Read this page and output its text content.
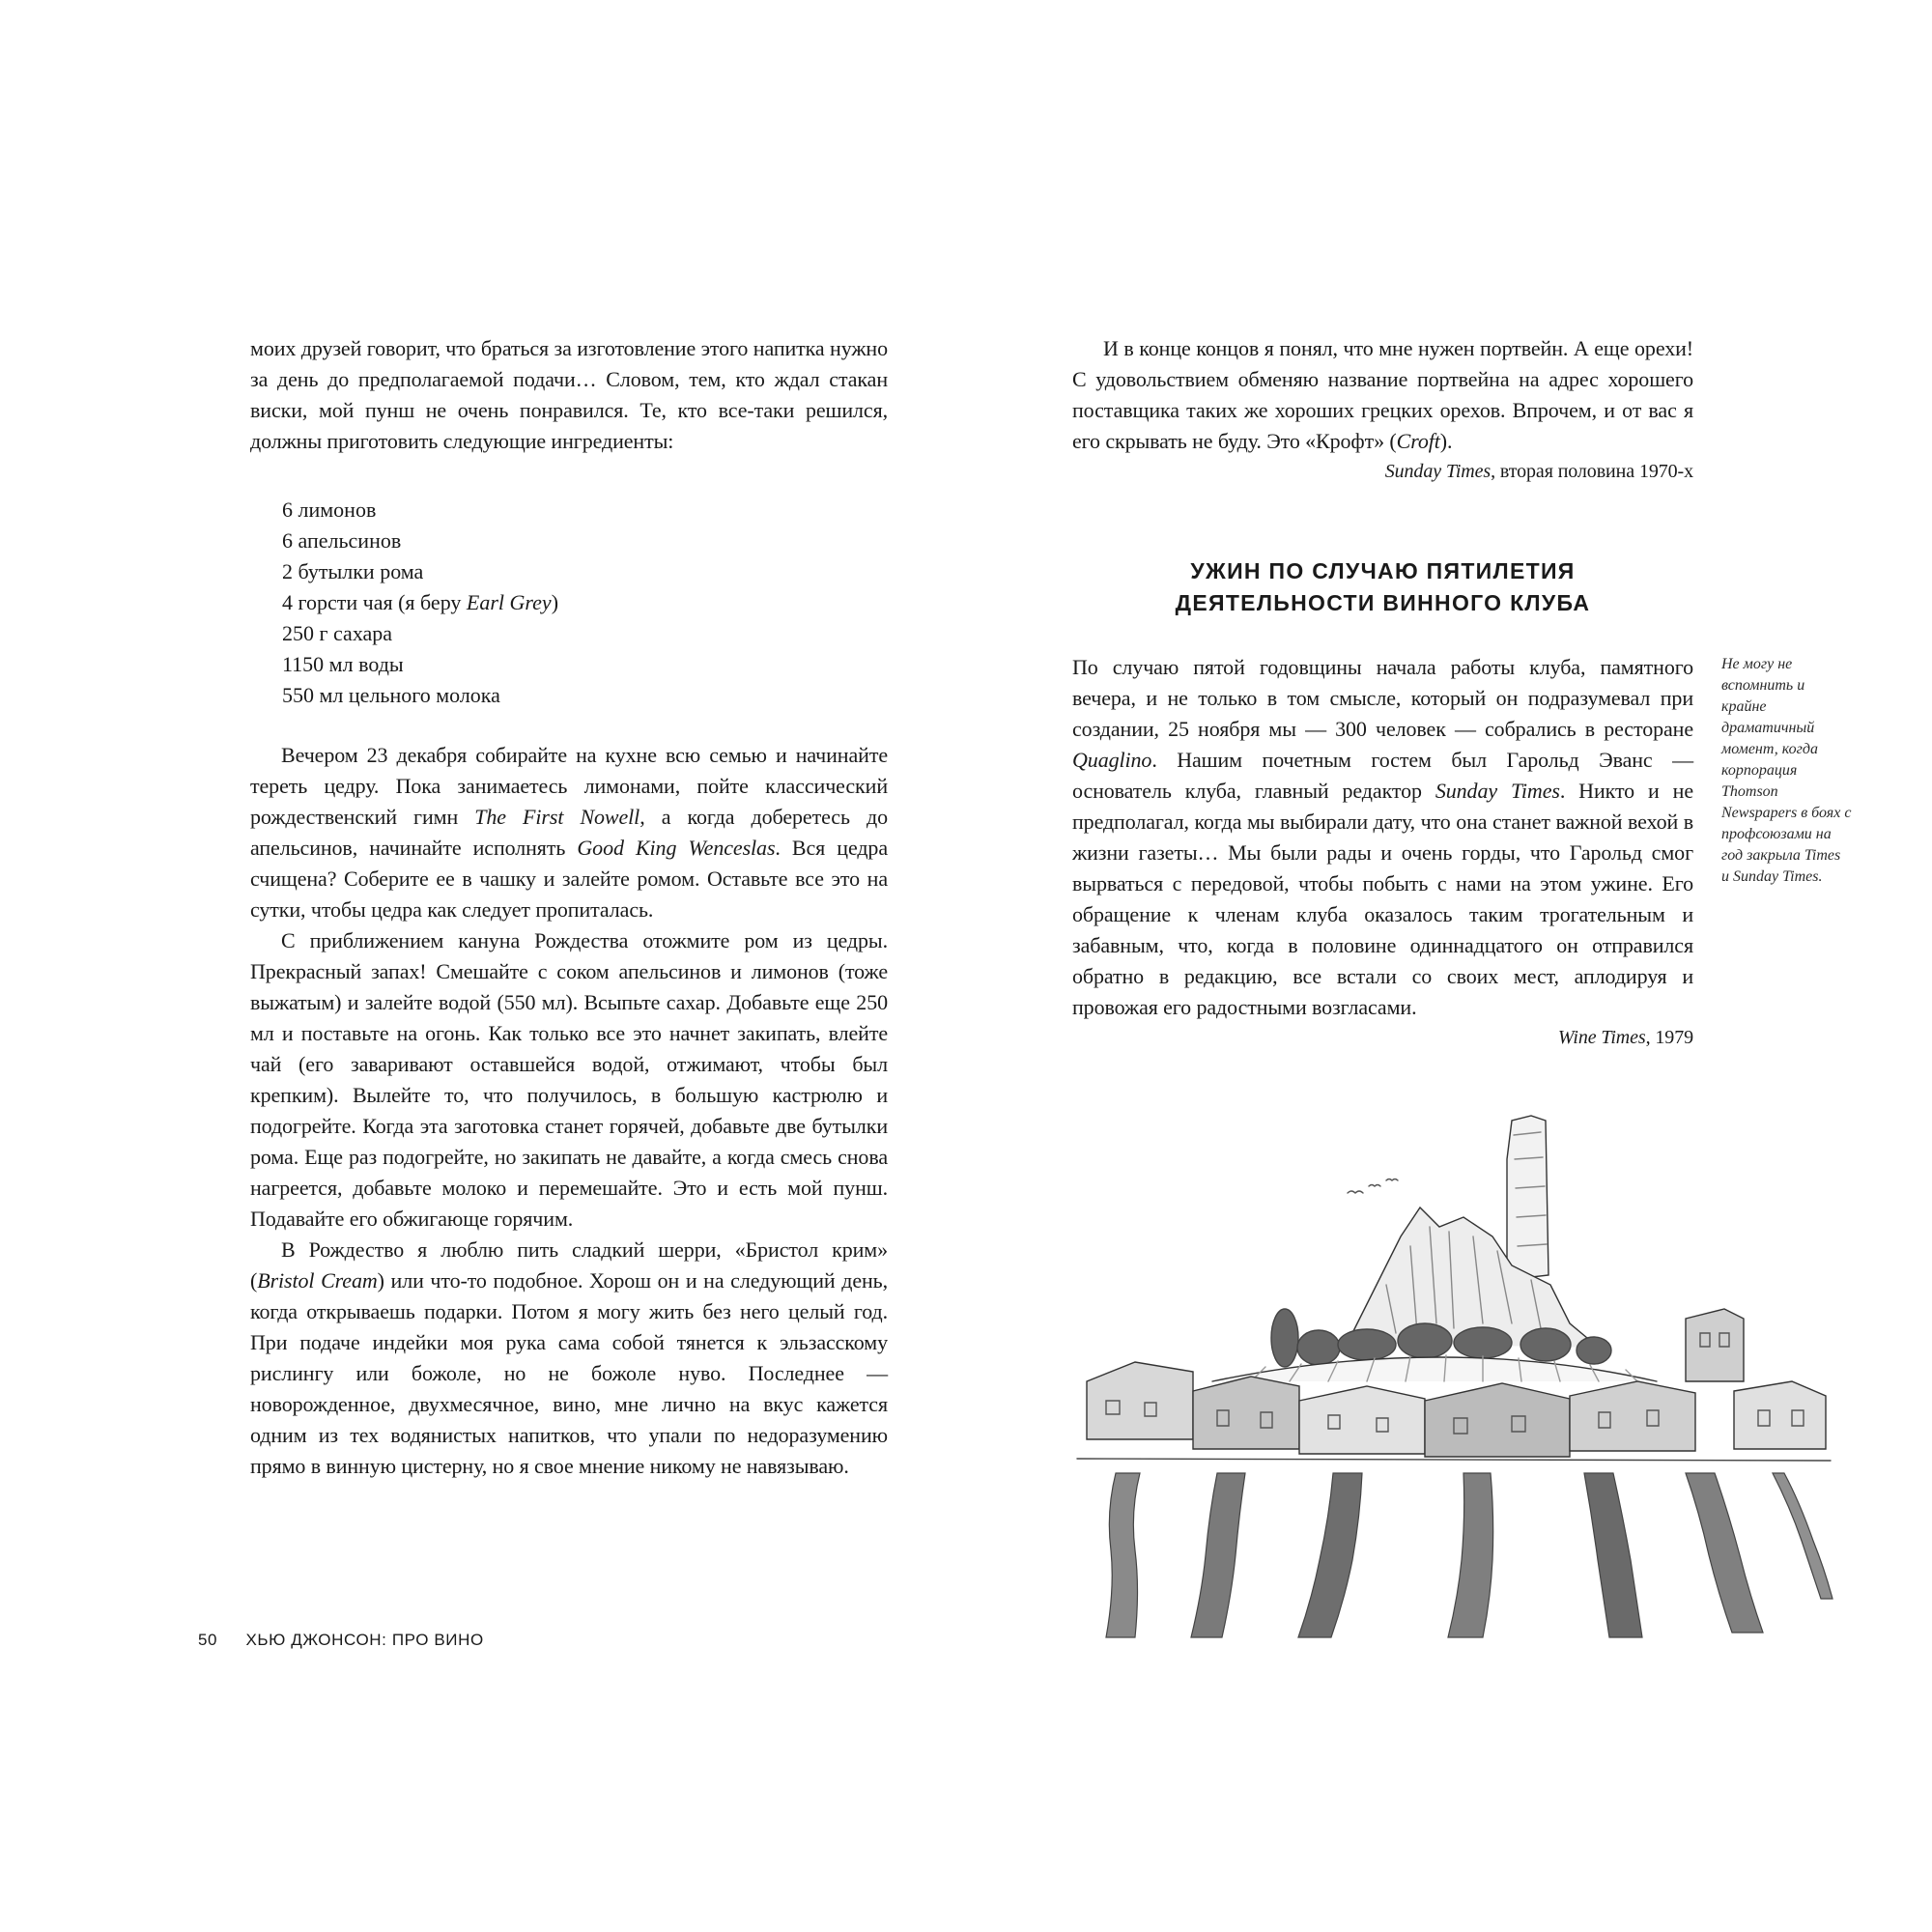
моих друзей говорит, что браться за изготовление этого напитка нужно за день до предполагаемой подачи… Словом, тем, кто ждал стакан виски, мой пунш не очень понравился. Те, кто все-таки решился, должны приготовить следующие ингредиенты:

6 лимонов
6 апельсинов
2 бутылки рома
4 горсти чая (я беру Earl Grey)
250 г сахара
1150 мл воды
550 мл цельного молока

Вечером 23 декабря собирайте на кухне всю семью и начинайте тереть цедру. Пока занимаетесь лимонами, пойте классический рождественский гимн The First Nowell, а когда доберетесь до апельсинов, начинайте исполнять Good King Wenceslas. Вся цедра счищена? Соберите ее в чашку и залейте ромом. Оставьте все это на сутки, чтобы цедра как следует пропиталась.

С приближением кануна Рождества отожмите ром из цедры. Прекрасный запах! Смешайте с соком апельсинов и лимонов (тоже выжатым) и залейте водой (550 мл). Всыпьте сахар. Добавьте еще 250 мл и поставьте на огонь. Как только все это начнет закипать, влейте чай (его заваривают оставшейся водой, отжимают, чтобы был крепким). Вылейте то, что получилось, в большую кастрюлю и подогрейте. Когда эта заготовка станет горячей, добавьте две бутылки рома. Еще раз подогрейте, но закипать не давайте, а когда смесь снова нагреется, добавьте молоко и перемешайте. Это и есть мой пунш. Подавайте его обжигающе горячим.

В Рождество я люблю пить сладкий шерри, «Бристол крим» (Bristol Cream) или что-то подобное. Хорош он и на следующий день, когда открываешь подарки. Потом я могу жить без него целый год. При подаче индейки моя рука сама собой тянется к эльзасскому рислингу или божоле, но не божоле нуво. Последнее — новорожденное, двухмесячное, вино, мне лично на вкус кажется одним из тех водянистых напитков, что упали по недоразумению прямо в винную цистерну, но я свое мнение никому не навязываю.

50 ХЬЮ ДЖОНСОН: ПРО ВИНО

И в конце концов я понял, что мне нужен портвейн. А еще орехи! С удовольствием обменяю название портвейна на адрес хорошего поставщика таких же хороших грецких орехов. Впрочем, и от вас я его скрывать не буду. Это «Крофт» (Croft).

Sunday Times, вторая половина 1970-х

УЖИН ПО СЛУЧАЮ ПЯТИЛЕТИЯ
ДЕЯТЕЛЬНОСТИ ВИННОГО КЛУБА

По случаю пятой годовщины начала работы клуба, памятного вечера, и не только в том смысле, который он подразумевал при создании, 25 ноября мы — 300 человек — собрались в ресторане Quaglino. Нашим почетным гостем был Гарольд Эванс — основатель клуба, главный редактор Sunday Times. Никто и не предполагал, когда мы выбирали дату, что она станет важной вехой в жизни газеты… Мы были рады и очень горды, что Гарольд смог вырваться с передовой, чтобы побыть с нами на этом ужине. Его обращение к членам клуба оказалось таким трогательным и забавным, что, когда в половине одиннадцатого он отправился обратно в редакцию, все встали со своих мест, аплодируя и провожая его радостными возгласами.

Wine Times, 1979

Не могу не вспомнить и крайне драматичный момент, когда корпорация Thomson Newspapers в боях с профсоюзами на год закрыла Times и Sunday Times.
